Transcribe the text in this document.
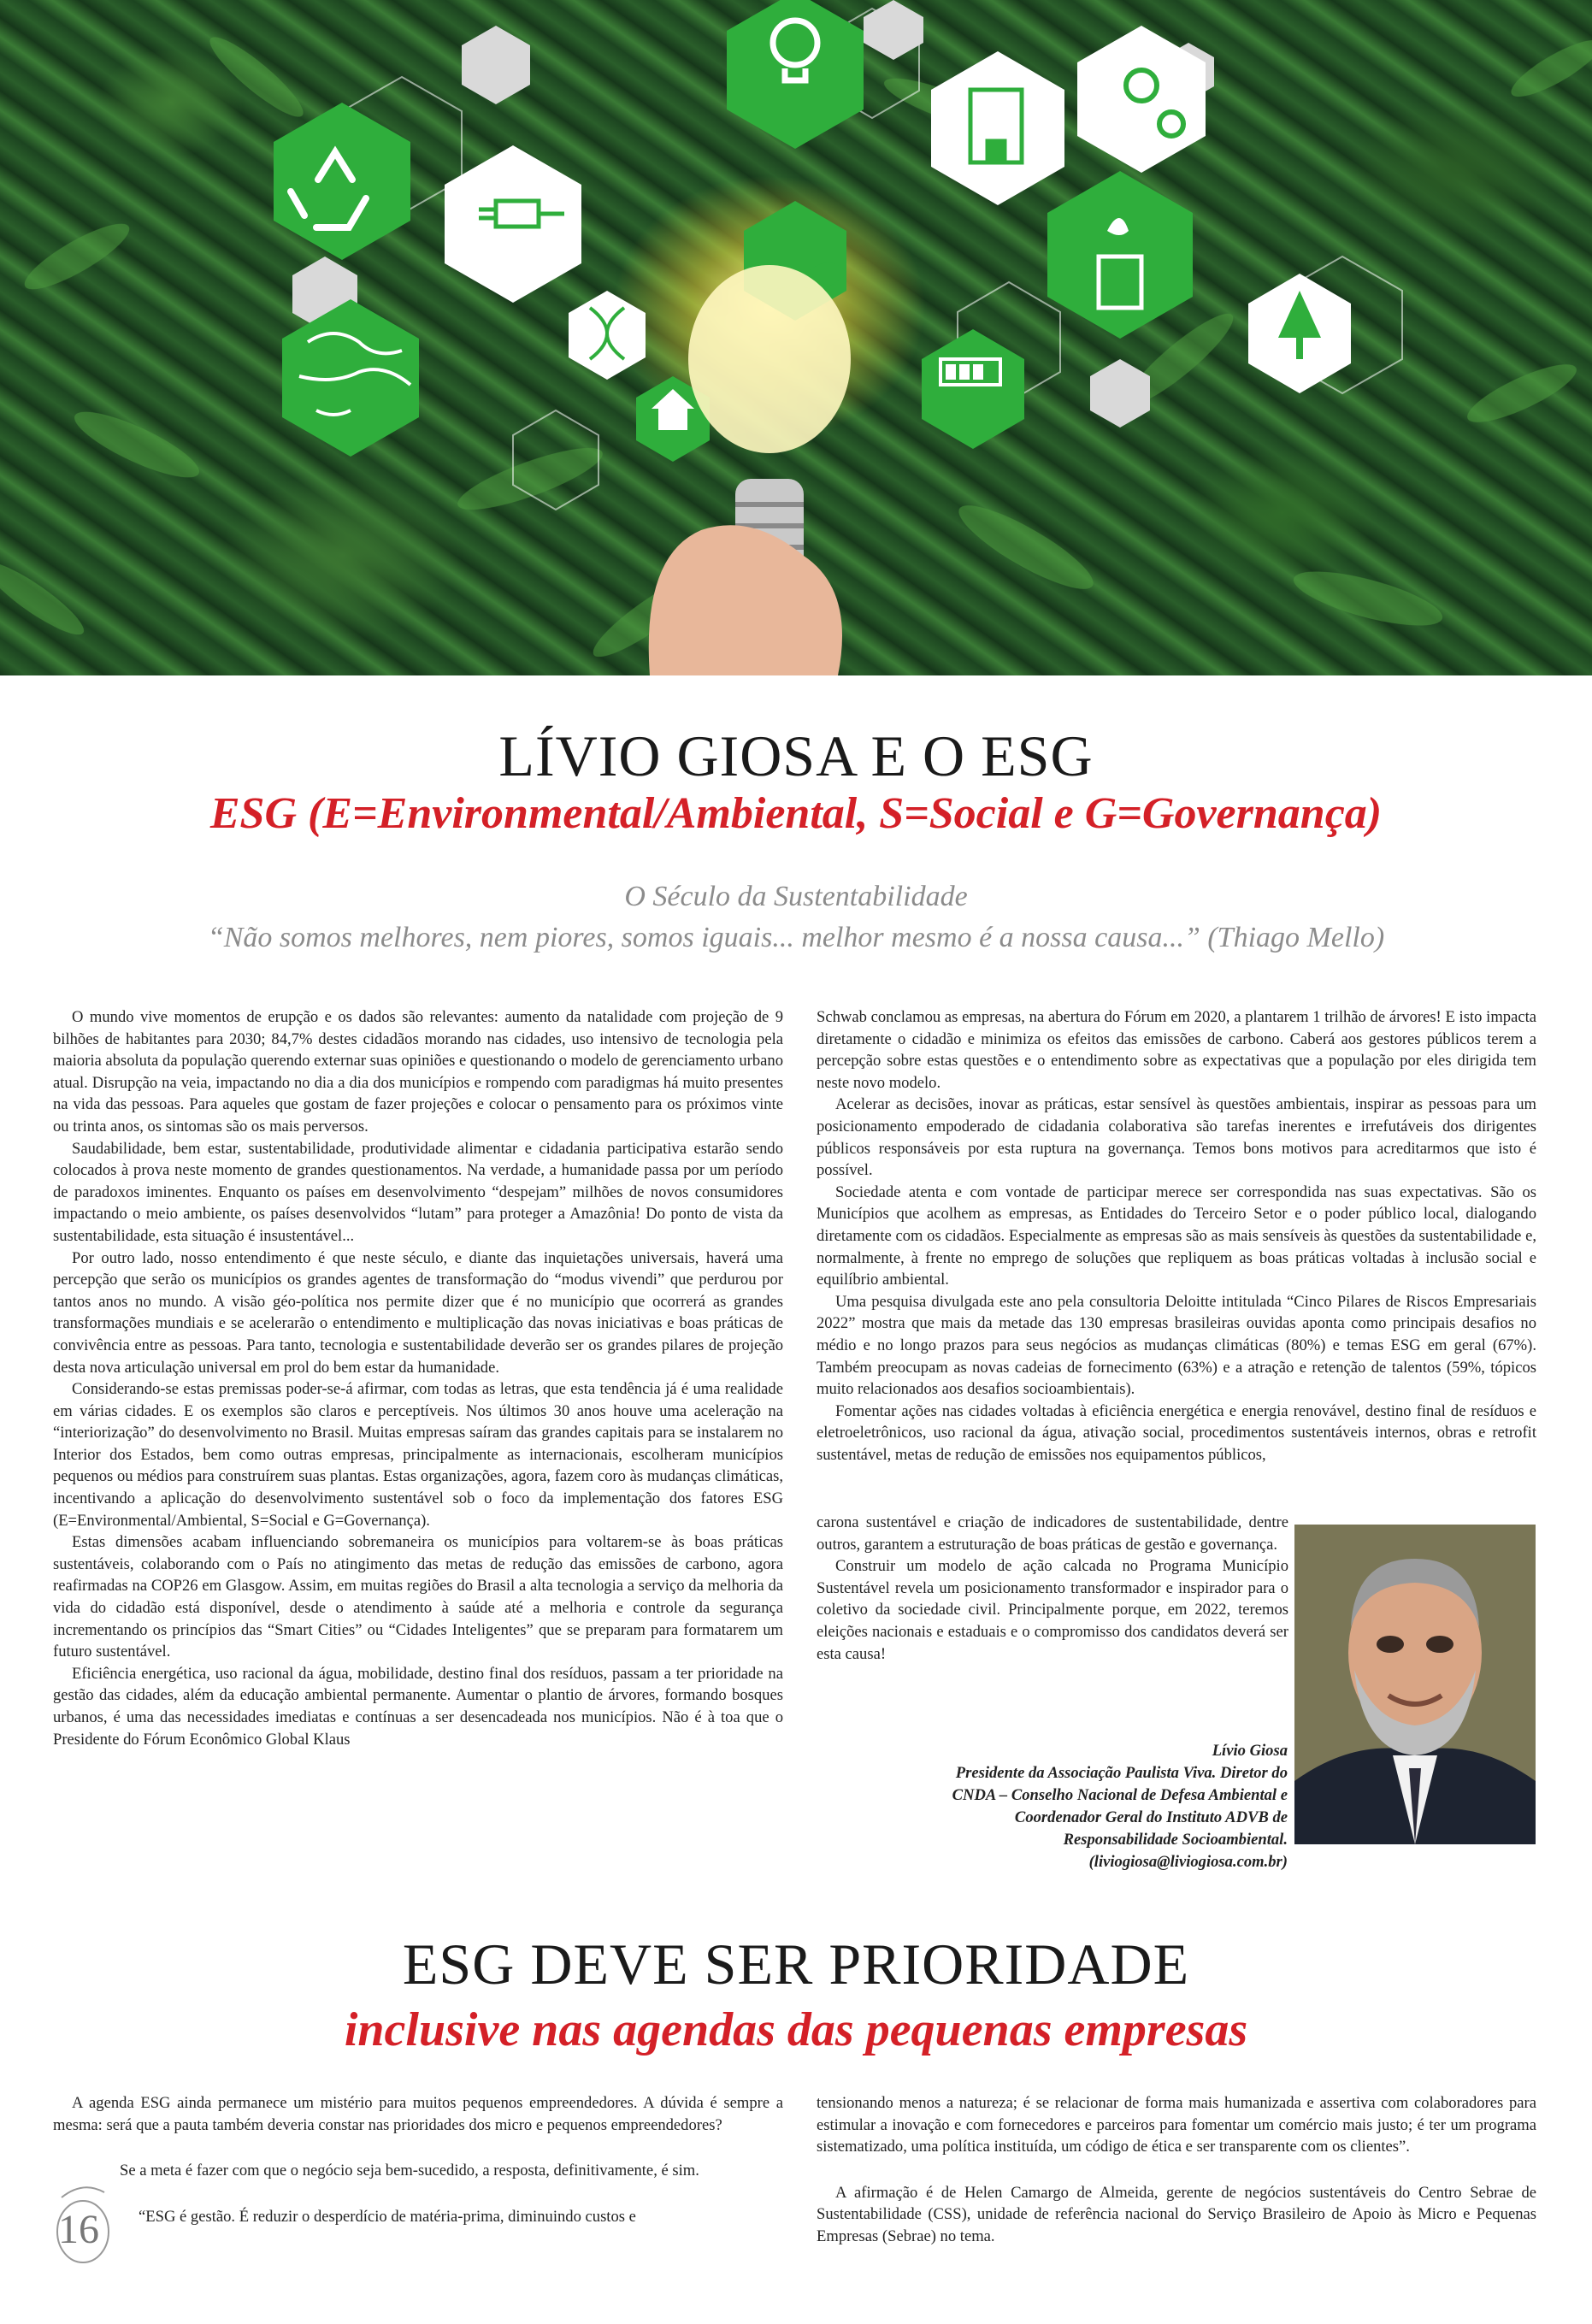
LÍVIO GIOSA E O ESG
ESG (E=Environmental/Ambiental, S=Social e G=Governança)
O Século da Sustentabilidade
“Não somos melhores, nem piores, somos iguais... melhor mesmo é a nossa causa...” (Thiago Mello)

O mundo vive momentos de erupção e os dados são relevantes: aumento da natalidade com projeção de 9 bilhões de habitantes para 2030; 84,7% destes cidadãos morando nas cidades, uso intensivo de tecnologia pela maioria absoluta da população querendo externar suas opiniões e questionando o modelo de gerenciamento urbano atual. Disrupção na veia, impactando no dia a dia dos municípios e rompendo com paradigmas há muito presentes na vida das pessoas. Para aqueles que gostam de fazer projeções e colocar o pensamento para os próximos vinte ou trinta anos, os sintomas são os mais perversos.

Saudabilidade, bem estar, sustentabilidade, produtividade alimentar e cidadania participativa estarão sendo colocados à prova neste momento de grandes questionamentos. Na verdade, a humanidade passa por um período de paradoxos iminentes. Enquanto os países em desenvolvimento “despejam” milhões de novos consumidores impactando o meio ambiente, os países desenvolvidos “lutam” para proteger a Amazônia! Do ponto de vista da sustentabilidade, esta situação é insustentável...

Por outro lado, nosso entendimento é que neste século, e diante das inquietações universais, haverá uma percepção que serão os municípios os grandes agentes de transformação do “modus vivendi” que perdurou por tantos anos no mundo. A visão géo-política nos permite dizer que é no município que ocorrerá as grandes transformações mundiais e se acelerarão o entendimento e multiplicação das novas iniciativas e boas práticas de convivência entre as pessoas. Para tanto, tecnologia e sustentabilidade deverão ser os grandes pilares de projeção desta nova articulação universal em prol do bem estar da humanidade.

Considerando-se estas premissas poder-se-á afirmar, com todas as letras, que esta tendência já é uma realidade em várias cidades. E os exemplos são claros e perceptíveis. Nos últimos 30 anos houve uma aceleração na “interiorização” do desenvolvimento no Brasil. Muitas empresas saíram das grandes capitais para se instalarem no Interior dos Estados, bem como outras empresas, principalmente as internacionais, escolheram municípios pequenos ou médios para construírem suas plantas. Estas organizações, agora, fazem coro às mudanças climáticas, incentivando a aplicação do desenvolvimento sustentável sob o foco da implementação dos fatores ESG (E=Environmental/Ambiental, S=Social e G=Governança).

Estas dimensões acabam influenciando sobremaneira os municípios para voltarem-se às boas práticas sustentáveis, colaborando com o País no atingimento das metas de redução das emissões de carbono, agora reafirmadas na COP26 em Glasgow. Assim, em muitas regiões do Brasil a alta tecnologia a serviço da melhoria da vida do cidadão está disponível, desde o atendimento à saúde até a melhoria e controle da segurança incrementando os princípios das “Smart Cities” ou “Cidades Inteligentes” que se preparam para formatarem um futuro sustentável.

Eficiência energética, uso racional da água, mobilidade, destino final dos resíduos, passam a ter prioridade na gestão das cidades, além da educação ambiental permanente. Aumentar o plantio de árvores, formando bosques urbanos, é uma das necessidades imediatas e contínuas a ser desencadeada nos municípios. Não é à toa que o Presidente do Fórum Econômico Global Klaus

Schwab conclamou as empresas, na abertura do Fórum em 2020, a plantarem 1 trilhão de árvores! E isto impacta diretamente o cidadão e minimiza os efeitos das emissões de carbono. Caberá aos gestores públicos terem a percepção sobre estas questões e o entendimento sobre as expectativas que a população por eles dirigida tem neste novo modelo.

Acelerar as decisões, inovar as práticas, estar sensível às questões ambientais, inspirar as pessoas para um posicionamento empoderado de cidadania colaborativa são tarefas inerentes e irrefutáveis dos dirigentes públicos responsáveis por esta ruptura na governança. Temos bons motivos para acreditarmos que isto é possível.

Sociedade atenta e com vontade de participar merece ser correspondida nas suas expectativas. São os Municípios que acolhem as empresas, as Entidades do Terceiro Setor e o poder público local, dialogando diretamente com os cidadãos. Especialmente as empresas são as mais sensíveis às questões da sustentabilidade e, normalmente, à frente no emprego de soluções que repliquem as boas práticas voltadas à inclusão social e equilíbrio ambiental.

Uma pesquisa divulgada este ano pela consultoria Deloitte intitulada “Cinco Pilares de Riscos Empresariais 2022” mostra que mais da metade das 130 empresas brasileiras ouvidas aponta como principais desafios no médio e no longo prazos para seus negócios as mudanças climáticas (80%) e temas ESG em geral (67%). Também preocupam as novas cadeias de fornecimento (63%) e a atração e retenção de talentos (59%, tópicos muito relacionados aos desafios socioambientais).

Fomentar ações nas cidades voltadas à eficiência energética e energia renovável, destino final de resíduos e eletroeletrônicos, uso racional da água, ativação social, procedimentos sustentáveis internos, obras e retrofit sustentável, metas de redução de emissões nos equipamentos públicos,

carona sustentável e criação de indicadores de sustentabilidade, dentre outros, garantem a estruturação de boas práticas de gestão e governança.

Construir um modelo de ação calcada no Programa Município Sustentável revela um posicionamento transformador e inspirador para o coletivo da sociedade civil. Principalmente porque, em 2022, teremos eleições nacionais e estaduais e o compromisso dos candidatos deverá ser esta causa!

Lívio Giosa
Presidente da Associação Paulista Viva. Diretor do
CNDA – Conselho Nacional de Defesa Ambiental e
Coordenador Geral do Instituto ADVB de
Responsabilidade Socioambiental.
(liviogiosa@liviogiosa.com.br)
ESG DEVE SER PRIORIDADE
inclusive nas agendas das pequenas empresas

A agenda ESG ainda permanece um mistério para muitos pequenos empreendedores. A dúvida é sempre a mesma: será que a pauta também deveria constar nas prioridades dos micro e pequenos empreendedores?

Se a meta é fazer com que o negócio seja bem-sucedido, a resposta, definitivamente, é sim.

“ESG é gestão. É reduzir o desperdício de matéria-prima, diminuindo custos e

tensionando menos a natureza; é se relacionar de forma mais humanizada e assertiva com colaboradores para estimular a inovação e com fornecedores e parceiros para fomentar um comércio mais justo; é ter um programa sistematizado, uma política instituída, um código de ética e ser transparente com os clientes”.

A afirmação é de Helen Camargo de Almeida, gerente de negócios sustentáveis do Centro Sebrae de Sustentabilidade (CSS), unidade de referência nacional do Serviço Brasileiro de Apoio às Micro e Pequenas Empresas (Sebrae) no tema.

16
